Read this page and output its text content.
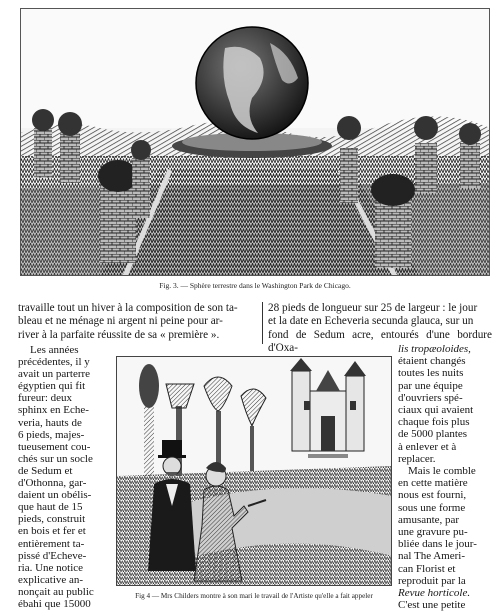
Fig. 3. — Sphère terrestre dans le Washington Park de Chicago.

travaille tout un hiver à la composition de son ta-

bleau et ne ménage ni argent ni peine pour ar-

river à la parfaite réussite de sa « première ».

28 pieds de longueur sur 25 de largeur : le jour

et la date en Echeveria secunda glauca, sur un

fond de Sedum acre, entourés d'une bordure d'Oxa-

Les années

précédentes, il y

avait un parterre

égyptien qui fit

fureur: deux

sphinx en Eche-

veria, hauts de

6 pieds, majes-

tueusement cou-

chés sur un socle

de Sedum et

d'Othonna, gar-

daient un obélis-

que haut de 15

pieds, construit

en bois et fer et

entièrement ta-

pissé d'Echeve-

ria. Une notice

explicative an-

nonçait au public

ébahi que 15000

Fig 4 — Mrs Childers montre à son mari le travail de l'Artiste qu'elle a fait appeler

lis tropæoloides,

étaient changés

toutes les nuits

par une équipe

d'ouvriers spé-

ciaux qui avaient

chaque fois plus

de 5000 plantes

à enlever et à

replacer.

Mais le comble

en cette matière

nous est fourni,

sous une forme

amusante, par

une gravure pu-

bliée dans le jour-

nal The Ameri-

can Florist et

reproduit par la

Revue horticole.

C'est une petite
